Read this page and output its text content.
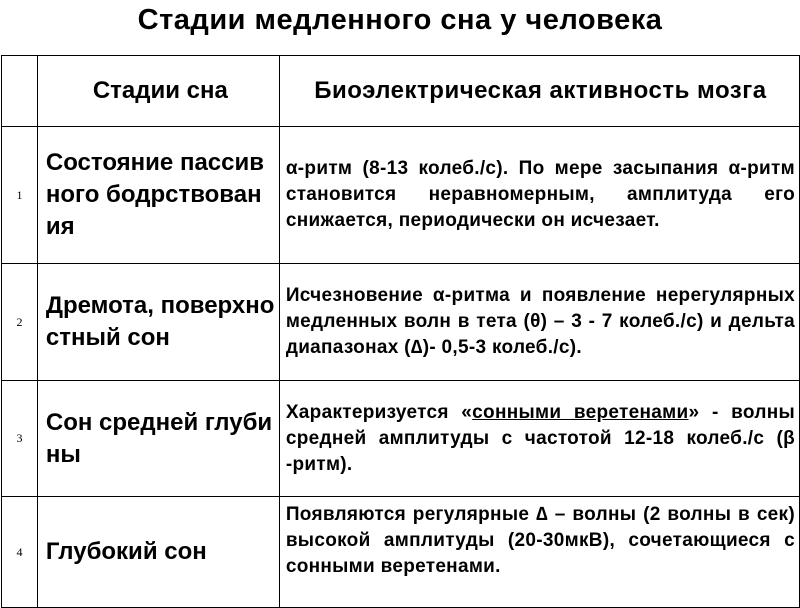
Стадии медленного сна у человека
	Стадии сна	Биоэлектрическая активность мозга
1	Состояние пассивного бодрствования	α-ритм (8-13 колеб./с). По мере засыпания α-ритм становится неравномерным, амплитуда его снижается, периодически он исчезает.
2	Дремота, поверхностный сон	Исчезновение α-ритма и появление нерегулярных медленных волн в тета (θ) – 3 - 7 колеб./с) и дельта диапазонах (∆)- 0,5-3 колеб./с).
3	Сон средней глубины	Характеризуется «сонными веретенами» - волны средней амплитуды с частотой 12-18 колеб./с (β -ритм).
4	Глубокий сон	Появляются регулярные ∆ – волны (2 волны в сек) высокой амплитуды (20-30мкВ), сочетающиеся с сонными веретенами.
